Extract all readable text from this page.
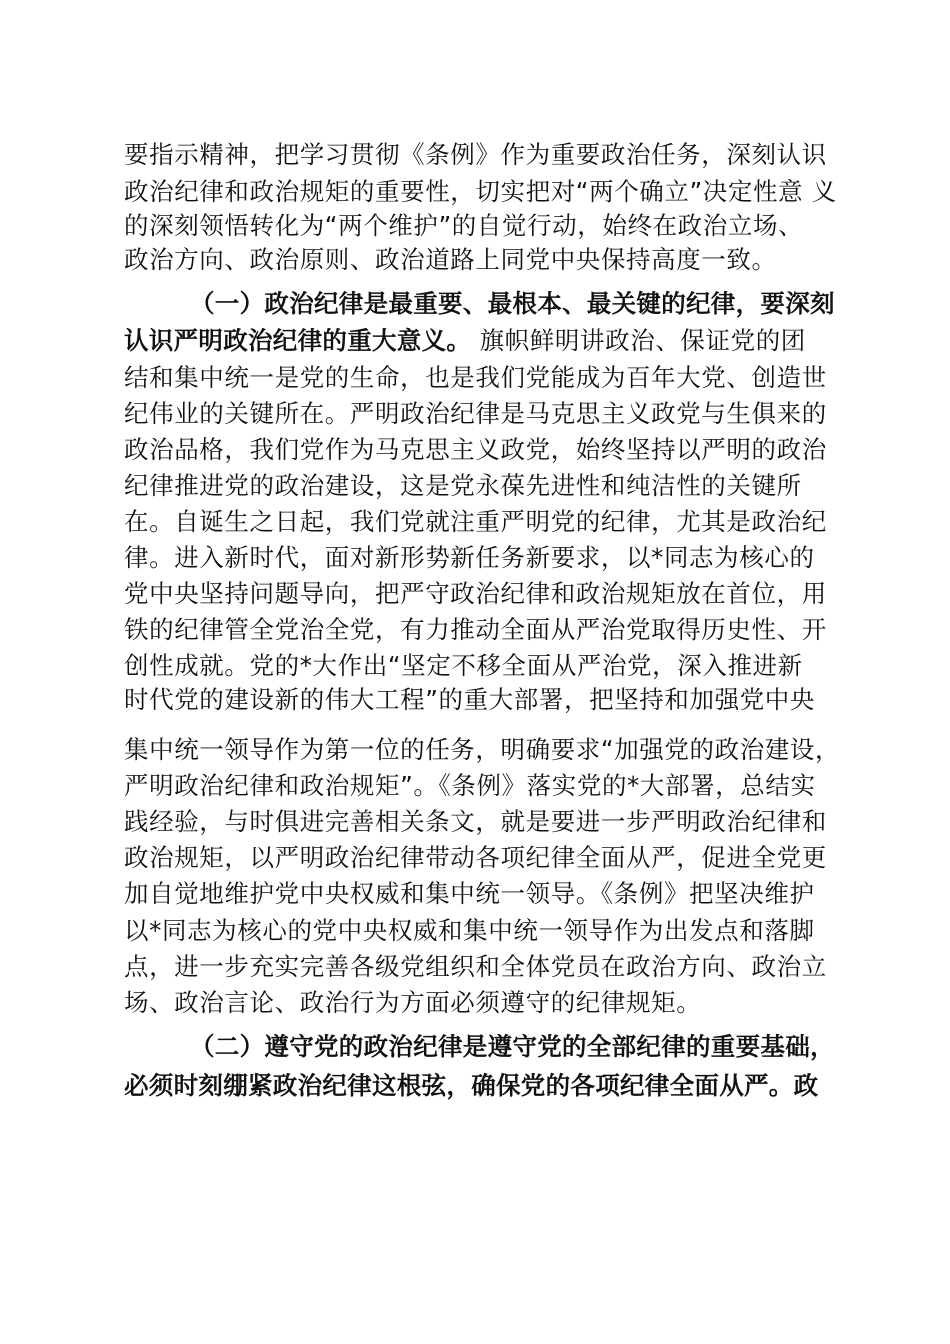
要指示精神，把学习贯彻《条例》作为重要政治任务，深刻认识
政治纪律和政治规矩的重要性，切实把对“两个确立”决定性意 义
的深刻领悟转化为“两个维护”的自觉行动，始终在政治立场、
政治方向、政治原则、政治道路上同党中央保持高度一致。
（一）政治纪律是最重要、最根本、最关键的纪律，要深刻
认识严明政治纪律的重大意义。 旗帜鲜明讲政治、保证党的团
结和集中统一是党的生命，也是我们党能成为百年大党、创造世
纪伟业的关键所在。严明政治纪律是马克思主义政党与生俱来的
政治品格，我们党作为马克思主义政党，始终坚持以严明的政治
纪律推进党的政治建设，这是党永葆先进性和纯洁性的关键所
在。自诞生之日起，我们党就注重严明党的纪律，尤其是政治纪
律。进入新时代，面对新形势新任务新要求，以*同志为核心的
党中央坚持问题导向，把严守政治纪律和政治规矩放在首位，用
铁的纪律管全党治全党，有力推动全面从严治党取得历史性、开
创性成就。党的*大作出“坚定不移全面从严治党，深入推进新
时代党的建设新的伟大工程”的重大部署，把坚持和加强党中央
集中统一领导作为第一位的任务，明确要求“加强党的政治建设，
严明政治纪律和政治规矩”。《条例》落实党的*大部署，总结实
践经验，与时俱进完善相关条文，就是要进一步严明政治纪律和
政治规矩，以严明政治纪律带动各项纪律全面从严，促进全党更
加自觉地维护党中央权威和集中统一领导。《条例》把坚决维护
以*同志为核心的党中央权威和集中统一领导作为出发点和落脚
点，进一步充实完善各级党组织和全体党员在政治方向、政治立
场、政治言论、政治行为方面必须遵守的纪律规矩。
（二）遵守党的政治纪律是遵守党的全部纪律的重要基础，
必须时刻绷紧政治纪律这根弦，确保党的各项纪律全面从严。政
